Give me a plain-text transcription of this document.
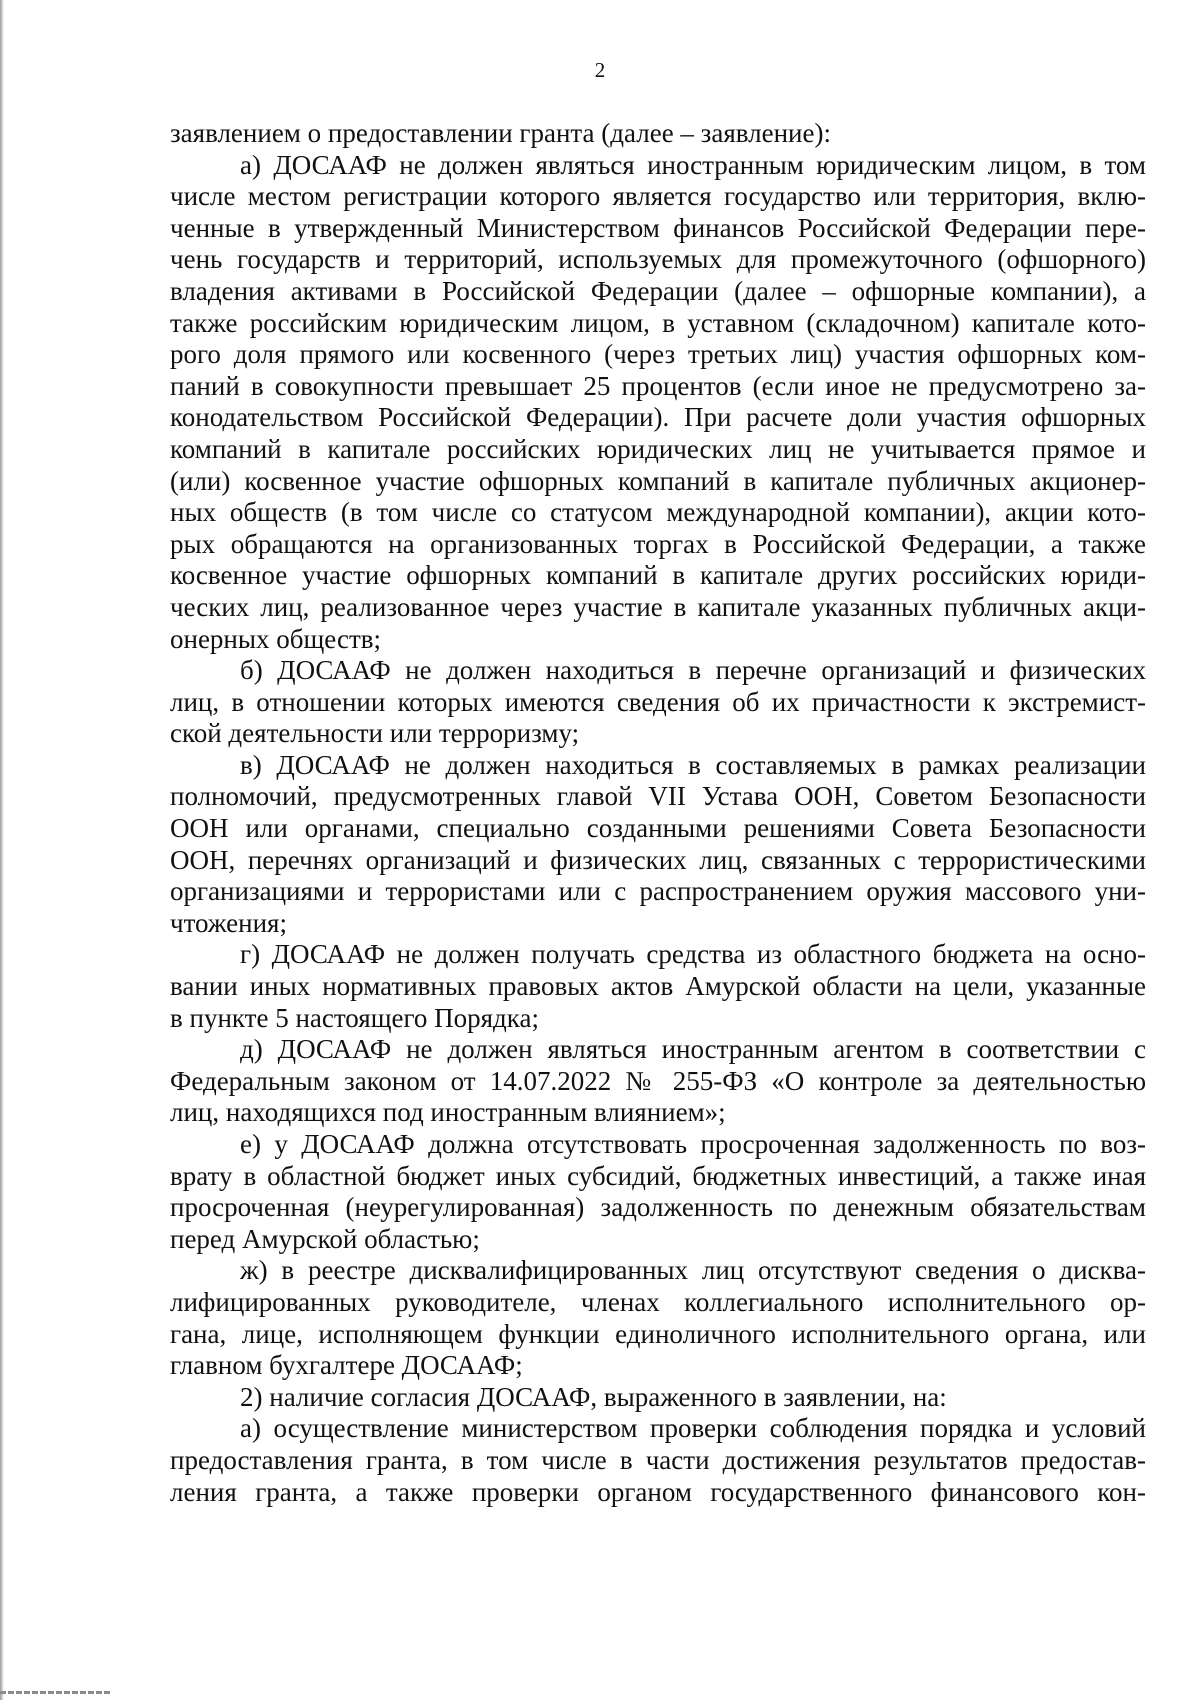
2
заявлением о предоставлении гранта (далее – заявление):
а) ДОСААФ не должен являться иностранным юридическим лицом, в том
числе местом регистрации которого является государство или территория, вклю-
ченные в утвержденный Министерством финансов Российской Федерации пере-
чень государств и территорий, используемых для промежуточного (офшорного)
владения активами в Российской Федерации (далее – офшорные компании), а
также российским юридическим лицом, в уставном (складочном) капитале кото-
рого доля прямого или косвенного (через третьих лиц) участия офшорных ком-
паний в совокупности превышает 25 процентов (если иное не предусмотрено за-
конодательством Российской Федерации). При расчете доли участия офшорных
компаний в капитале российских юридических лиц не учитывается прямое и
(или) косвенное участие офшорных компаний в капитале публичных акционер-
ных обществ (в том числе со статусом международной компании), акции кото-
рых обращаются на организованных торгах в Российской Федерации, а также
косвенное участие офшорных компаний в капитале других российских юриди-
ческих лиц, реализованное через участие в капитале указанных публичных акци-
онерных обществ;
б) ДОСААФ не должен находиться в перечне организаций и физических
лиц, в отношении которых имеются сведения об их причастности к экстремист-
ской деятельности или терроризму;
в) ДОСААФ не должен находиться в составляемых в рамках реализации
полномочий, предусмотренных главой VII Устава ООН, Советом Безопасности
ООН или органами, специально созданными решениями Совета Безопасности
ООН, перечнях организаций и физических лиц, связанных с террористическими
организациями и террористами или с распространением оружия массового уни-
чтожения;
г) ДОСААФ не должен получать средства из областного бюджета на осно-
вании иных нормативных правовых актов Амурской области на цели, указанные
в пункте 5 настоящего Порядка;
д) ДОСААФ не должен являться иностранным агентом в соответствии с
Федеральным законом от 14.07.2022 № 255-ФЗ «О контроле за деятельностью
лиц, находящихся под иностранным влиянием»;
е) у ДОСААФ должна отсутствовать просроченная задолженность по воз-
врату в областной бюджет иных субсидий, бюджетных инвестиций, а также иная
просроченная (неурегулированная) задолженность по денежным обязательствам
перед Амурской областью;
ж) в реестре дисквалифицированных лиц отсутствуют сведения о дисква-
лифицированных руководителе, членах коллегиального исполнительного ор-
гана, лице, исполняющем функции единоличного исполнительного органа, или
главном бухгалтере ДОСААФ;
2) наличие согласия ДОСААФ, выраженного в заявлении, на:
а) осуществление министерством проверки соблюдения порядка и условий
предоставления гранта, в том числе в части достижения результатов предостав-
ления гранта, а также проверки органом государственного финансового кон-
